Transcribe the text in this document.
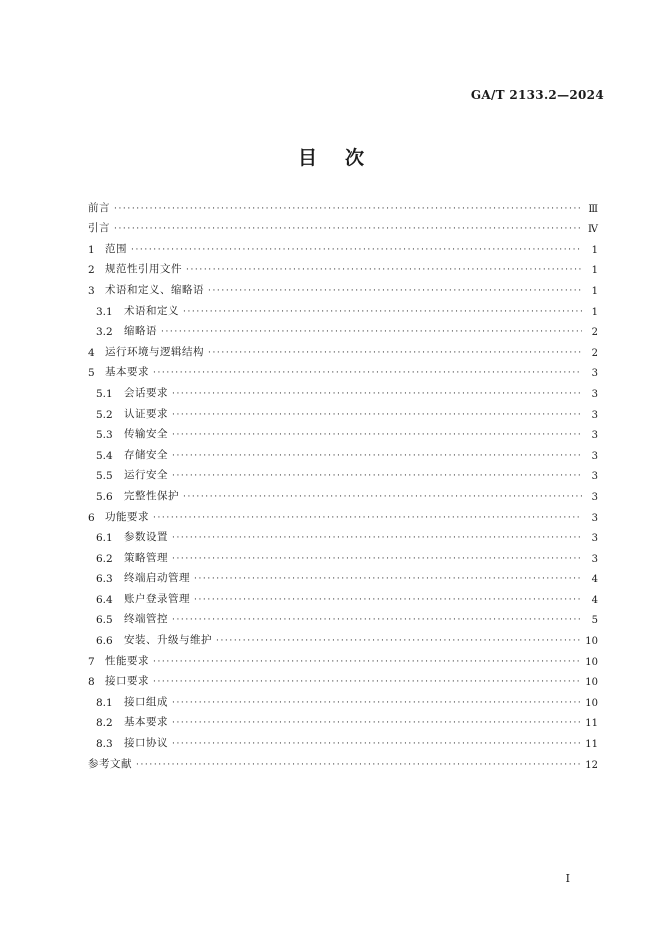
GA/T 2133.2—2024
目次
前言 ·····	Ⅲ
引言 ·····	Ⅳ
1 范围 ·····	1
2 规范性引用文件 ·····	1
3 术语和定义、缩略语 ·····	1
3.1	术语和定义 ·····	1
3.2	缩略语 ·····	2
4 运行环境与逻辑结构 ·····	2
5 基本要求 ·····	3
5.1	会话要求 ·····	3
5.2	认证要求 ·····	3
5.3	传输安全 ·····	3
5.4	存储安全 ·····	3
5.5	运行安全 ·····	3
5.6	完整性保护 ·····	3
6 功能要求 ·····	3
6.1	参数设置 ·····	3
6.2	策略管理 ·····	3
6.3	终端启动管理 ·····	4
6.4	账户登录管理 ·····	4
6.5	终端管控 ·····	5
6.6	安装、升级与维护 ·····	10
7 性能要求 ·····	10
8 接口要求 ·····	10
8.1	接口组成 ·····	10
8.2	基本要求 ·····	11
8.3	接口协议 ·····	11
参考文献 ·····	12
I
